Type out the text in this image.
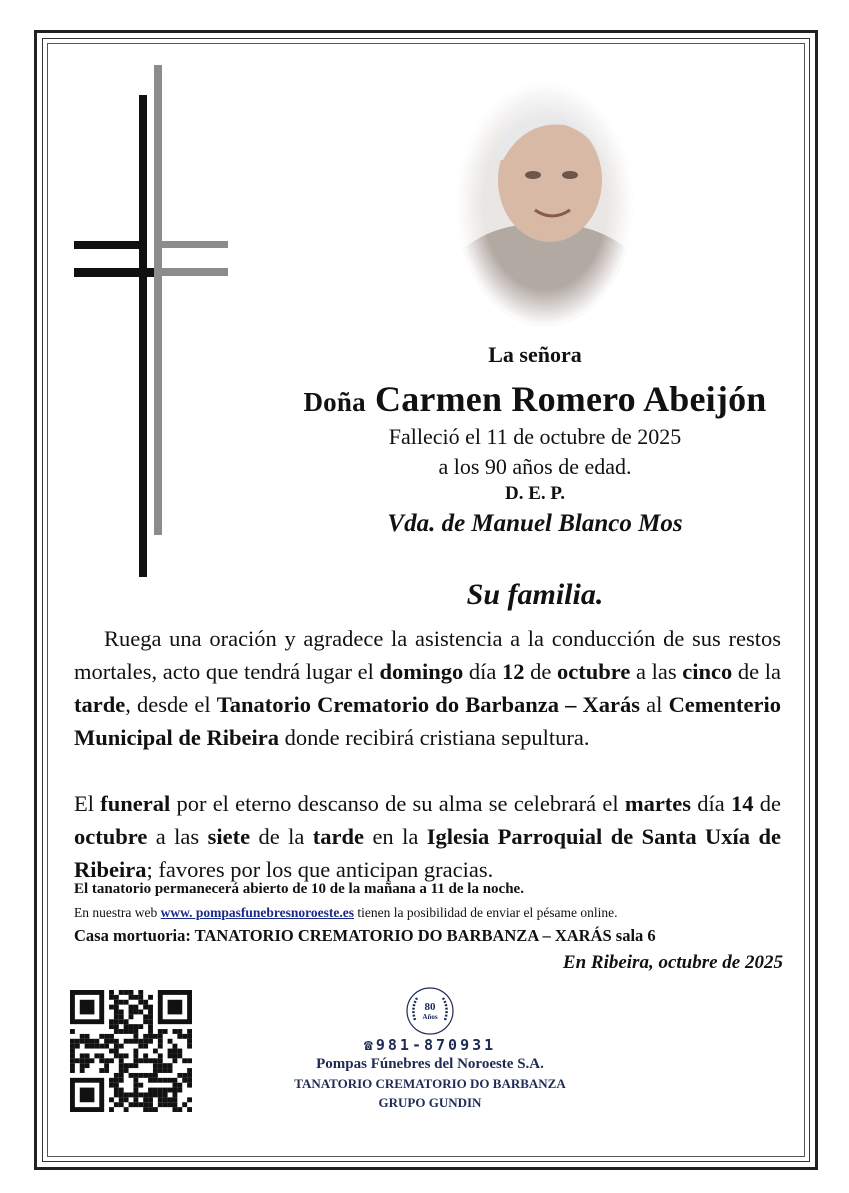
La señora
Doña Carmen Romero Abeijón
Falleció el 11 de octubre de 2025
a los 90 años de edad.
D. E. P.
Vda. de Manuel Blanco Mos
Su familia.

Ruega una oración y agradece la asistencia a la conducción de sus restos mortales, acto que tendrá lugar el domingo día 12 de octubre a las cinco de la tarde, desde el Tanatorio Crematorio do Barbanza – Xarás al Cementerio Municipal de Ribeira donde recibirá cristiana sepultura.

El funeral por el eterno descanso de su alma se celebrará el martes día 14 de octubre a las siete de la tarde en la Iglesia Parroquial de Santa Uxía de Ribeira; favores por los que anticipan gracias.

El tanatorio permanecerá abierto de 10 de la mañana a 11 de la noche.
En nuestra web www. pompasfunebresnoroeste.es tienen la posibilidad de enviar el pésame online.
Casa mortuoria: TANATORIO CREMATORIO DO BARBANZA – XARÁS sala 6
En Ribeira, octubre de 2025
80
Años
☎981-870931
Pompas Fúnebres del Noroeste S.A.
TANATORIO CREMATORIO DO BARBANZA
GRUPO GUNDIN
